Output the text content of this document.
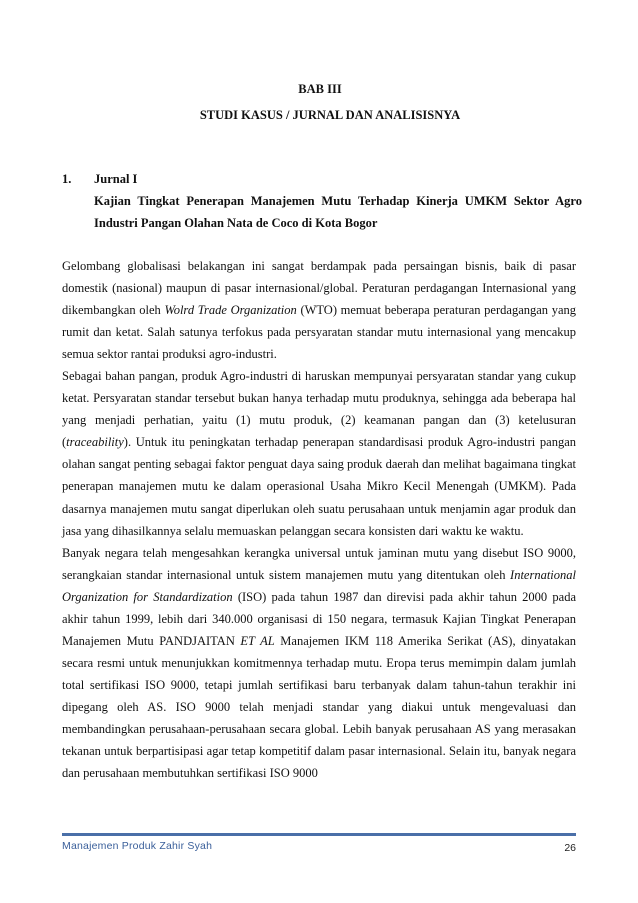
BAB III
STUDI KASUS / JURNAL DAN ANALISISNYA
1. Jurnal I
Kajian Tingkat Penerapan Manajemen Mutu Terhadap Kinerja UMKM Sektor Agro Industri Pangan Olahan Nata de Coco di Kota Bogor

Gelombang globalisasi belakangan ini sangat berdampak pada persaingan bisnis, baik di pasar domestik (nasional) maupun di pasar internasional/global. Peraturan perdagangan Internasional yang dikembangkan oleh Wolrd Trade Organization (WTO) memuat beberapa peraturan perdagangan yang rumit dan ketat. Salah satunya terfokus pada persyaratan standar mutu internasional yang mencakup semua sektor rantai produksi agro-industri.

Sebagai bahan pangan, produk Agro-industri di haruskan mempunyai persyaratan standar yang cukup ketat. Persyaratan standar tersebut bukan hanya terhadap mutu produknya, sehingga ada beberapa hal yang menjadi perhatian, yaitu (1) mutu produk, (2) keamanan pangan dan (3) ketelusuran (traceability). Untuk itu peningkatan terhadap penerapan standardisasi produk Agro-industri pangan olahan sangat penting sebagai faktor penguat daya saing produk daerah dan melihat bagaimana tingkat penerapan manajemen mutu ke dalam operasional Usaha Mikro Kecil Menengah (UMKM). Pada dasarnya manajemen mutu sangat diperlukan oleh suatu perusahaan untuk menjamin agar produk dan jasa yang dihasilkannya selalu memuaskan pelanggan secara konsisten dari waktu ke waktu.

Banyak negara telah mengesahkan kerangka universal untuk jaminan mutu yang disebut ISO 9000, serangkaian standar internasional untuk sistem manajemen mutu yang ditentukan oleh International Organization for Standardization (ISO) pada tahun 1987 dan direvisi pada akhir tahun 2000 pada akhir tahun 1999, lebih dari 340.000 organisasi di 150 negara, termasuk Kajian Tingkat Penerapan Manajemen Mutu PANDJAITAN ET AL Manajemen IKM 118 Amerika Serikat (AS), dinyatakan secara resmi untuk menunjukkan komitmennya terhadap mutu. Eropa terus memimpin dalam jumlah total sertifikasi ISO 9000, tetapi jumlah sertifikasi baru terbanyak dalam tahun-tahun terakhir ini dipegang oleh AS. ISO 9000 telah menjadi standar yang diakui untuk mengevaluasi dan membandingkan perusahaan-perusahaan secara global. Lebih banyak perusahaan AS yang merasakan tekanan untuk berpartisipasi agar tetap kompetitif dalam pasar internasional. Selain itu, banyak negara dan perusahaan membutuhkan sertifikasi ISO 9000

Manajemen Produk Zahir Syah	26
